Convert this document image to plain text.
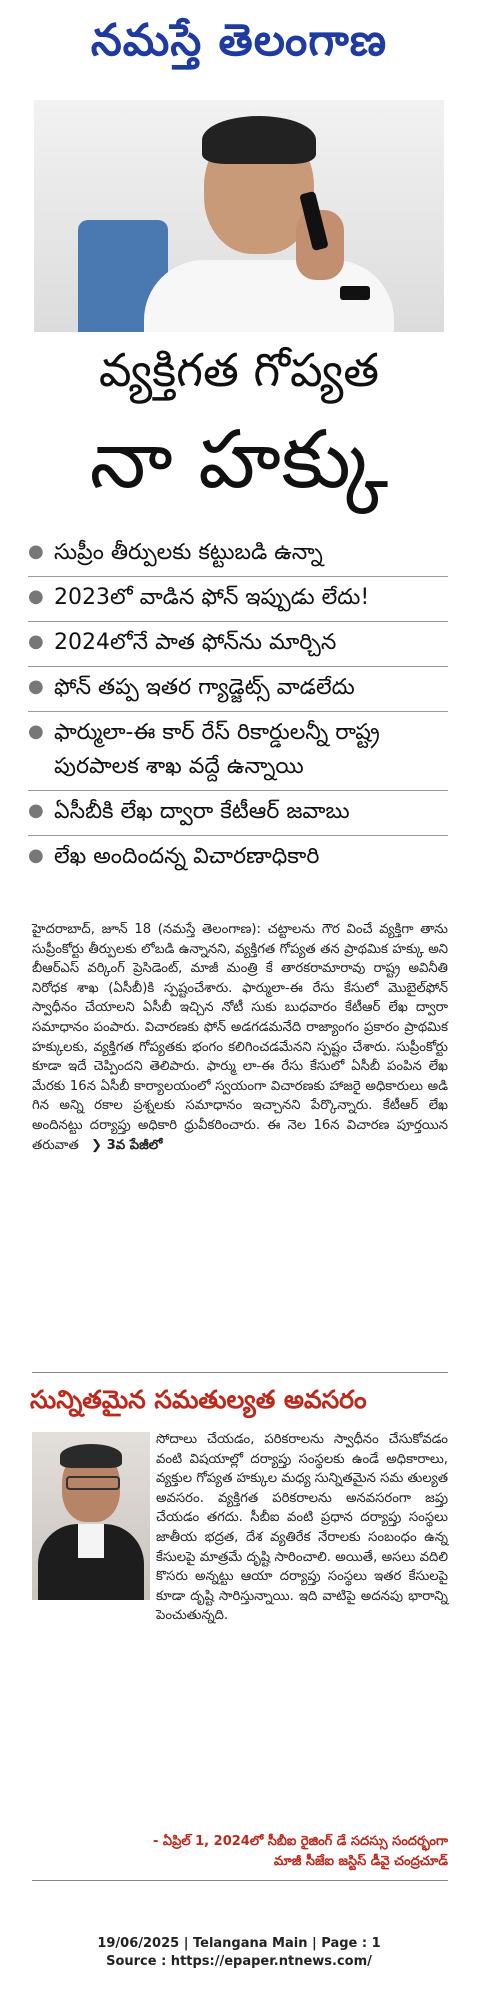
నమస్తే తెలంగాణ
వ్యక్తిగత గోప్యత
నా హక్కు
● సుప్రీం తీర్పులకు కట్టుబడి ఉన్నా
● 2023లో వాడిన ఫోన్ ఇప్పుడు లేదు!
● 2024లోనే పాత ఫోన్‌ను మార్చిన
● ఫోన్ తప్ప ఇతర గ్యాడ్జెట్స్ వాడలేదు
● ఫార్ములా-ఈ కార్ రేస్ రికార్డులన్నీ రాష్ట్ర పురపాలక శాఖ వద్దే ఉన్నాయి
● ఏసీబీకి లేఖ ద్వారా కేటీఆర్ జవాబు
● లేఖ అందిందన్న విచారణాధికారి
హైదరాబాద్, జూన్ 18 (నమస్తే తెలంగాణ): చట్టాలను గౌర వించే వ్యక్తిగా తాను సుప్రీంకోర్టు తీర్పులకు లోబడి ఉన్నానని, వ్యక్తిగత గోప్యత తన ప్రాథమిక హక్కు అని బీఆర్ఎస్ వర్కింగ్ ప్రెసిడెంట్, మాజీ మంత్రి కే తారకరామారావు రాష్ట్ర అవినీతి నిరోధక శాఖ (ఏసీబీ)కి స్పష్టంచేశారు. ఫార్ములా-ఈ రేసు కేసులో మొబైల్‌ఫోన్ స్వాధీనం చేయాలని ఏసీబీ ఇచ్చిన నోటీ సుకు బుధవారం కేటీఆర్ లేఖ ద్వారా సమాధానం పంపారు. విచారణకు ఫోన్ అడగడమనేది రాజ్యాంగం ప్రకారం ప్రాథమిక హక్కులకు, వ్యక్తిగత గోప్యతకు భంగం కలిగించడమేనని స్పష్టం చేశారు. సుప్రీంకోర్టు కూడా ఇదే చెప్పిందని తెలిపారు. ఫార్ము లా-ఈ రేసు కేసులో ఏసీబీ పంపిన లేఖ మేరకు 16న ఏసీబీ కార్యాలయంలో స్వయంగా విచారణకు హాజరై అధికారులు అడి గిన అన్ని రకాల ప్రశ్నలకు సమాధానం ఇచ్చానని పేర్కొన్నారు. కేటీఆర్ లేఖ అందినట్టు దర్యాప్తు అధికారి ధ్రువీకరించారు. ఈ నెల 16న విచారణ పూర్తయిన తరువాత ❯ 3వ పేజీలో
సున్నితమైన సమతుల్యత అవసరం
సోదాలు చేయడం, పరికరాలను స్వాధీనం చేసుకోవడం వంటి విషయాల్లో దర్యాప్తు సంస్థలకు ఉండే అధికారాలు, వ్యక్తుల గోప్యత హక్కుల మధ్య సున్నితమైన సమ తుల్యత అవసరం. వ్యక్తిగత పరికరాలను అనవసరంగా జప్తు చేయడం తగదు. సీబీఐ వంటి ప్రధాన దర్యాప్తు సంస్థలు జాతీయ భద్రత, దేశ వ్యతిరేక నేరాలకు సంబంధం ఉన్న కేసులపై మాత్రమే దృష్టి సారించాలి. అయితే, అసలు వదిలి కొసరు అన్నట్టు ఆయా దర్యాప్తు సంస్థలు ఇతర కేసులపై కూడా దృష్టి సారిస్తున్నాయి. ఇది వాటిపై అదనపు భారాన్ని పెంచుతున్నది.
- ఏప్రిల్ 1, 2024లో సీబీఐ రైజింగ్ డే సదస్సు సందర్భంగా
మాజీ సీజేఐ జస్టిస్ డీవై చంద్రచూడ్
19/06/2025 | Telangana Main | Page : 1
Source : https://epaper.ntnews.com/
